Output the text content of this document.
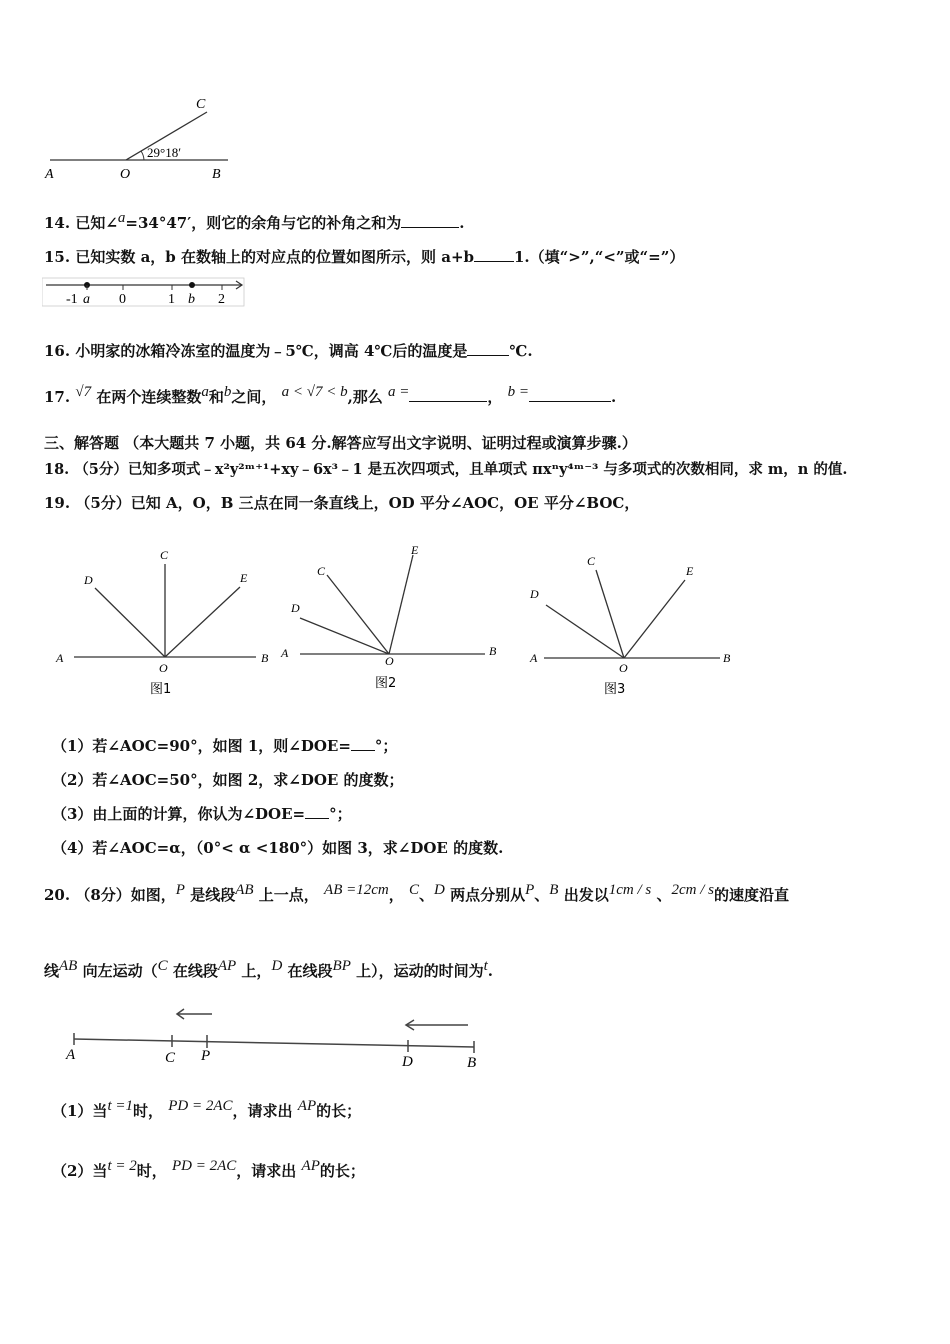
A	O	B
C
29°18′
14. 已知∠a=34°47′，则它的余角与它的补角之和为	.
15. 已知实数 a，b 在数轴上的对应点的位置如图所示，则 a+b	1.（填“>”,“<”或“=”）
-1 a 0	1 b 2
16. 小明家的冰箱冷冻室的温度为﹣5℃，调高 4℃后的温度是	℃.
17. √7 在两个连续整数a和b之间， a < √7 < b,那么 a =	， b =	.
三、解答题 （本大题共 7 小题，共 64 分.解答应写出文字说明、证明过程或演算步骤.）
18. （5分）已知多项式﹣x²y²ᵐ⁺¹+xy﹣6x³﹣1 是五次四项式，且单项式 πxⁿy⁴ᵐ⁻³ 与多项式的次数相同，求 m，n 的值.
19. （5分）已知 A，O，B 三点在同一条直线上，OD 平分∠AOC，OE 平分∠BOC，
A	B
O
C
D	E
图1
A	B
O
C
D
E
图2
A	B
O
C
D
E
图3
（1）若∠AOC=90°，如图 1，则∠DOE= °；
（2）若∠AOC=50°，如图 2，求∠DOE 的度数；
（3）由上面的计算，你认为∠DOE= °；
（4）若∠AOC=α，（0°< α <180°）如图 3，求∠DOE 的度数.
20. （8分）如图，P 是线段AB 上一点， AB =12cm， C、D 两点分别从P、B 出发以1cm / s 、2cm / s的速度沿直
线AB 向左运动（C 在线段AP 上，D 在线段BP 上），运动的时间为t.
A	C P	D	B
（1）当t =1时， PD = 2AC，请求出 AP的长；
（2）当t = 2时， PD = 2AC，请求出 AP的长；
